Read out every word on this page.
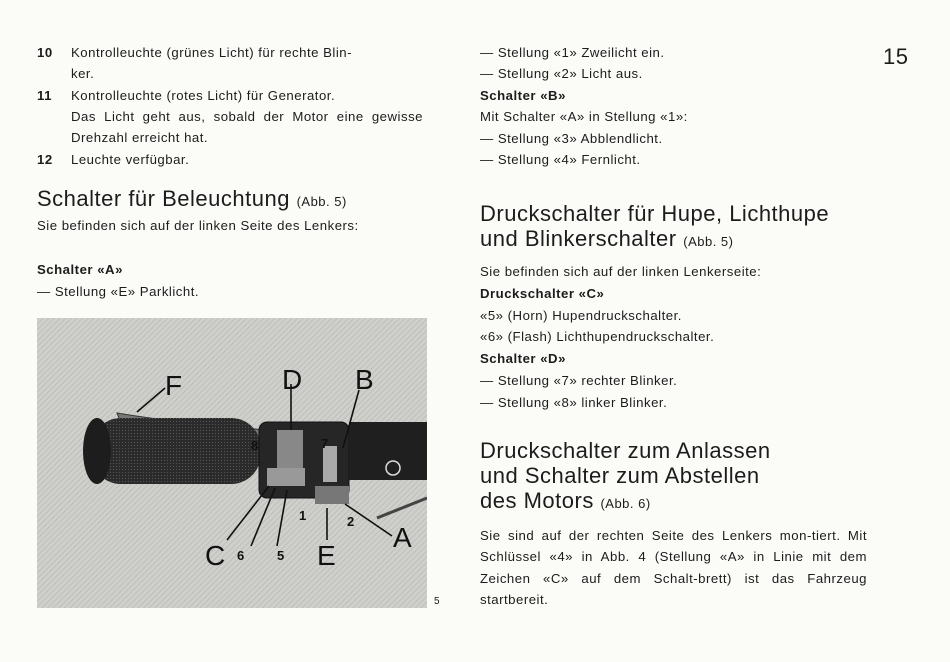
10 Kontrolleuchte (grünes Licht) für rechte Blin-
ker.
11 Kontrolleuchte (rotes Licht) für Generator.
Das Licht geht aus, sobald der Motor eine gewisse Drehzahl erreicht hat.
12 Leuchte verfügbar.
Schalter für Beleuchtung (Abb. 5)
Sie befinden sich auf der linken Seite des Lenkers:
Schalter «A»
— Stellung «E» Parklicht.
F	D B
C	E
A
8	7
1	2
6	5
5
— Stellung «1» Zweilicht ein.
— Stellung «2» Licht aus.
Schalter «B»
Mit Schalter «A» in Stellung «1»:
— Stellung «3» Abblendlicht.
— Stellung «4» Fernlicht.
Druckschalter für Hupe, Lichthupe
und Blinkerschalter (Abb. 5)
Sie befinden sich auf der linken Lenkerseite:
Druckschalter «C»
«5» (Horn) Hupendruckschalter.
«6» (Flash) Lichthupendruckschalter.
Schalter «D»
— Stellung «7» rechter Blinker.
— Stellung «8» linker Blinker.
Druckschalter zum Anlassen
und Schalter zum Abstellen
des Motors (Abb. 6)
Sie sind auf der rechten Seite des Lenkers mon-tiert. Mit Schlüssel «4» in Abb. 4 (Stellung «A» in Linie mit dem Zeichen «C» auf dem Schalt-brett) ist das Fahrzeug startbereit.
15
